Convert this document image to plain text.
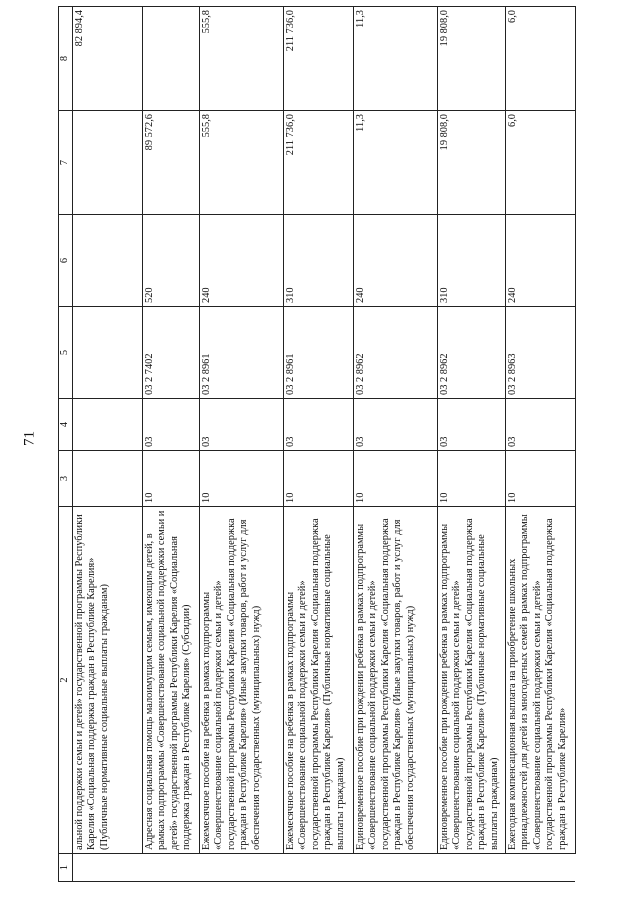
71
1	2	3	4	5	6	7	8
	альной поддержки семьи и детей» государственной программы Республики Карелия «Социальная поддержка граждан в Республике Карелия» (Публичные нормативные социальные выплаты гражданам)						82 894,4
	Адресная социальная помощь малоимущим семьям, имеющим детей, в рамках подпрограммы «Совершенствование социальной поддержки семьи и детей» государственной программы Республики Карелия «Социальная поддержка граждан в Республике Карелия» (Субсидии)	10	03	03 2 7402	520	89 572,6	
	Ежемесячное пособие на ребенка в рамках подпрограммы «Совершенствование социальной поддержки семьи и детей» государственной программы Республики Карелия «Социальная поддержка граждан в Республике Карелия» (Иные закупки товаров, работ и услуг для обеспечения государственных (муниципальных) нужд)	10	03	03 2 8961	240	555,8	555,8
	Ежемесячное пособие на ребенка в рамках подпрограммы «Совершенствование социальной поддержки семьи и детей» государственной программы Республики Карелия «Социальная поддержка граждан в Республике Карелия» (Публичные нормативные социальные выплаты гражданам)	10	03	03 2 8961	310	211 736,0	211 736,0
	Единовременное пособие при рождении ребенка в рамках подпрограммы «Совершенствование социальной поддержки семьи и детей» государственной программы Республики Карелия «Социальная поддержка граждан в Республике Карелия» (Иные закупки товаров, работ и услуг для обеспечения государственных (муниципальных) нужд)	10	03	03 2 8962	240	11,3	11,3
	Единовременное пособие при рождении ребенка в рамках подпрограммы «Совершенствование социальной поддержки семьи и детей» государственной программы Республики Карелия «Социальная поддержка граждан в Республике Карелия» (Публичные нормативные социальные выплаты гражданам)	10	03	03 2 8962	310	19 808,0	19 808,0
	Ежегодная компенсационная выплата на приобретение школьных принадлежностей для детей из многодетных семей в рамках подпрограммы «Совершенствование социальной поддержки семьи и детей» государственной программы Республики Карелия «Социальная поддержка граждан в Республике Карелия»	10	03	03 2 8963	240	6,0	6,0
